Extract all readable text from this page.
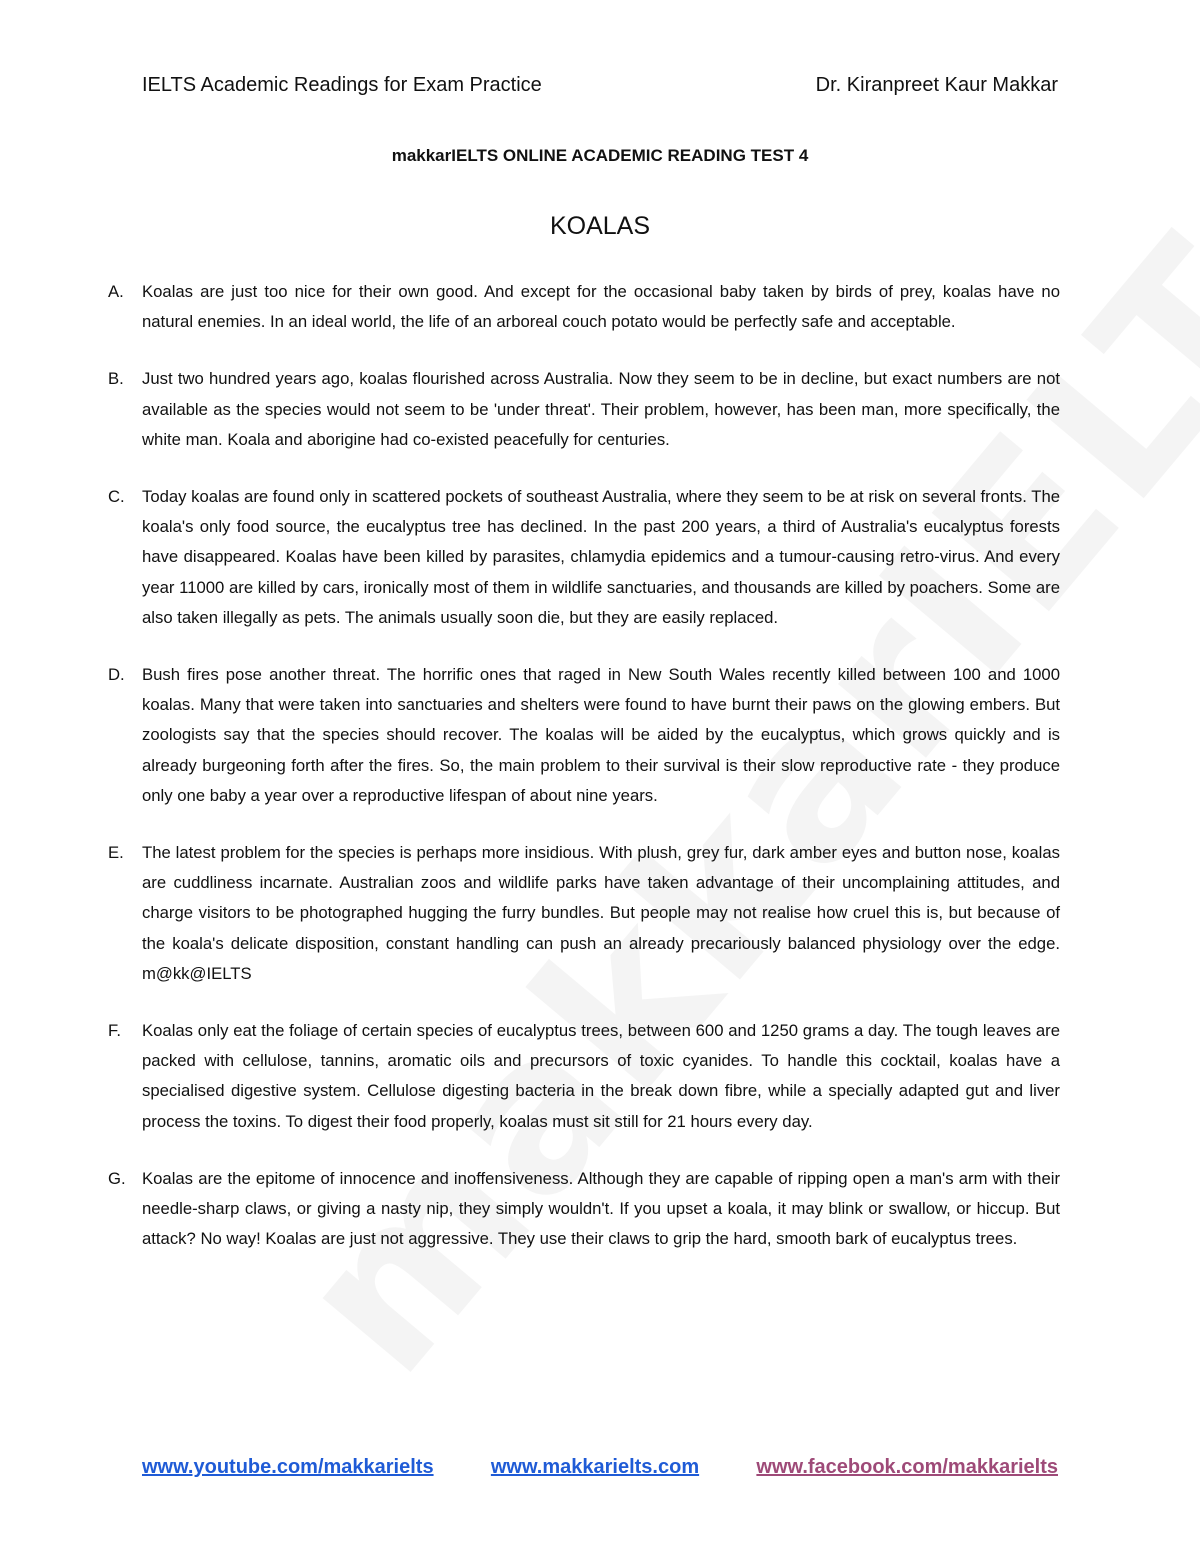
IELTS Academic Readings for Exam Practice	Dr. Kiranpreet Kaur Makkar
makkarIELTS ONLINE ACADEMIC READING TEST 4
KOALAS
A.	Koalas are just too nice for their own good. And except for the occasional baby taken by birds of prey, koalas have no natural enemies. In an ideal world, the life of an arboreal couch potato would be perfectly safe and acceptable.
B.	Just two hundred years ago, koalas flourished across Australia. Now they seem to be in decline, but exact numbers are not available as the species would not seem to be 'under threat'. Their problem, however, has been man, more specifically, the white man. Koala and aborigine had co-existed peacefully for centuries.
C.	Today koalas are found only in scattered pockets of southeast Australia, where they seem to be at risk on several fronts. The koala's only food source, the eucalyptus tree has declined. In the past 200 years, a third of Australia's eucalyptus forests have disappeared. Koalas have been killed by parasites, chlamydia epidemics and a tumour-causing retro-virus. And every year 11000 are killed by cars, ironically most of them in wildlife sanctuaries, and thousands are killed by poachers. Some are also taken illegally as pets. The animals usually soon die, but they are easily replaced.
D.	Bush fires pose another threat. The horrific ones that raged in New South Wales recently killed between 100 and 1000 koalas. Many that were taken into sanctuaries and shelters were found to have burnt their paws on the glowing embers. But zoologists say that the species should recover. The koalas will be aided by the eucalyptus, which grows quickly and is already burgeoning forth after the fires. So, the main problem to their survival is their slow reproductive rate - they produce only one baby a year over a reproductive lifespan of about nine years.
E.	The latest problem for the species is perhaps more insidious. With plush, grey fur, dark amber eyes and button nose, koalas are cuddliness incarnate. Australian zoos and wildlife parks have taken advantage of their uncomplaining attitudes, and charge visitors to be photographed hugging the furry bundles. But people may not realise how cruel this is, but because of the koala's delicate disposition, constant handling can push an already precariously balanced physiology over the edge. m@kk@IELTS
F.	Koalas only eat the foliage of certain species of eucalyptus trees, between 600 and 1250 grams a day. The tough leaves are packed with cellulose, tannins, aromatic oils and precursors of toxic cyanides. To handle this cocktail, koalas have a specialised digestive system. Cellulose digesting bacteria in the break down fibre, while a specially adapted gut and liver process the toxins. To digest their food properly, koalas must sit still for 21 hours every day.
G. Koalas are the epitome of innocence and inoffensiveness. Although they are capable of ripping open a man's arm with their needle-sharp claws, or giving a nasty nip, they simply wouldn't. If you upset a koala, it may blink or swallow, or hiccup. But attack? No way! Koalas are just not aggressive. They use their claws to grip the hard, smooth bark of eucalyptus trees.
www.youtube.com/makkarielts	www.makkarielts.com	www.facebook.com/makkarielts
